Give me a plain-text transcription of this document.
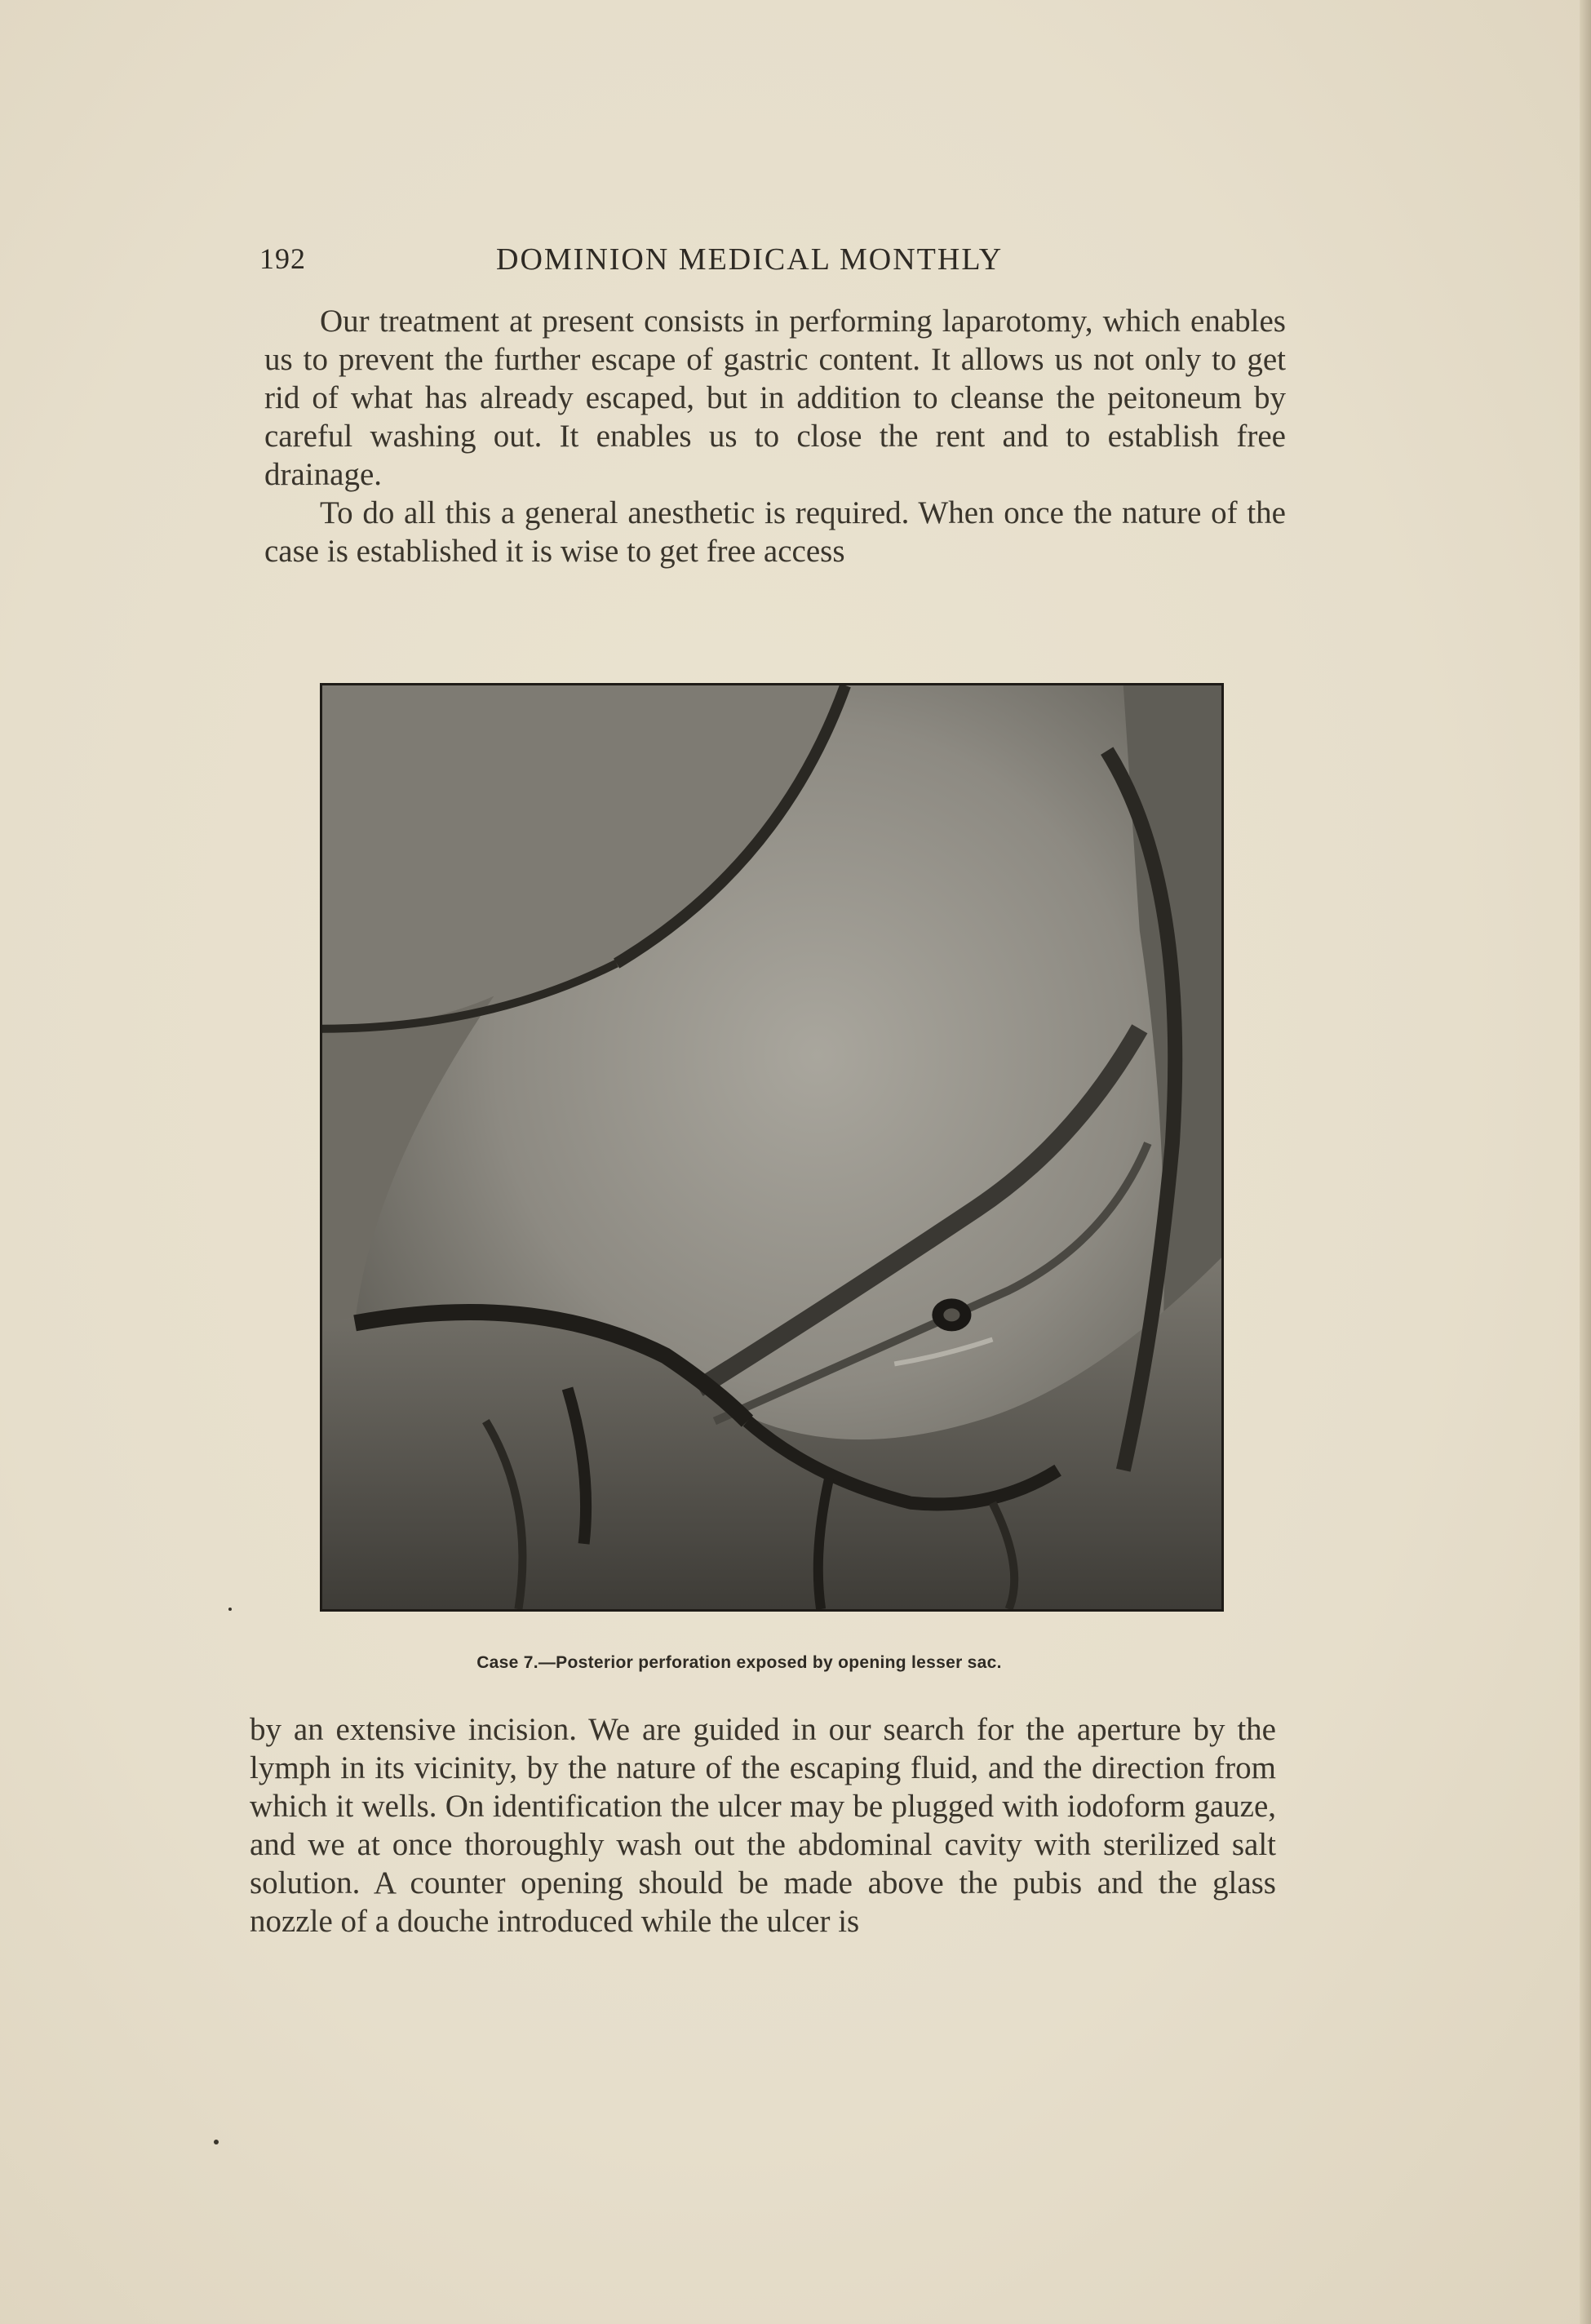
192	DOMINION MEDICAL MONTHLY

Our treatment at present consists in performing laparotomy, which enables us to prevent the further escape of gastric content. It allows us not only to get rid of what has already escaped, but in addition to cleanse the peitoneum by careful washing out. It enables us to close the rent and to establish free drainage.

To do all this a general anesthetic is required. When once the nature of the case is established it is wise to get free access

Case 7.—Posterior perforation exposed by opening lesser sac.

by an extensive incision. We are guided in our search for the aperture by the lymph in its vicinity, by the nature of the escaping fluid, and the direction from which it wells. On identification the ulcer may be plugged with iodoform gauze, and we at once thoroughly wash out the abdominal cavity with sterilized salt solution. A counter opening should be made above the pubis and the glass nozzle of a douche introduced while the ulcer is
